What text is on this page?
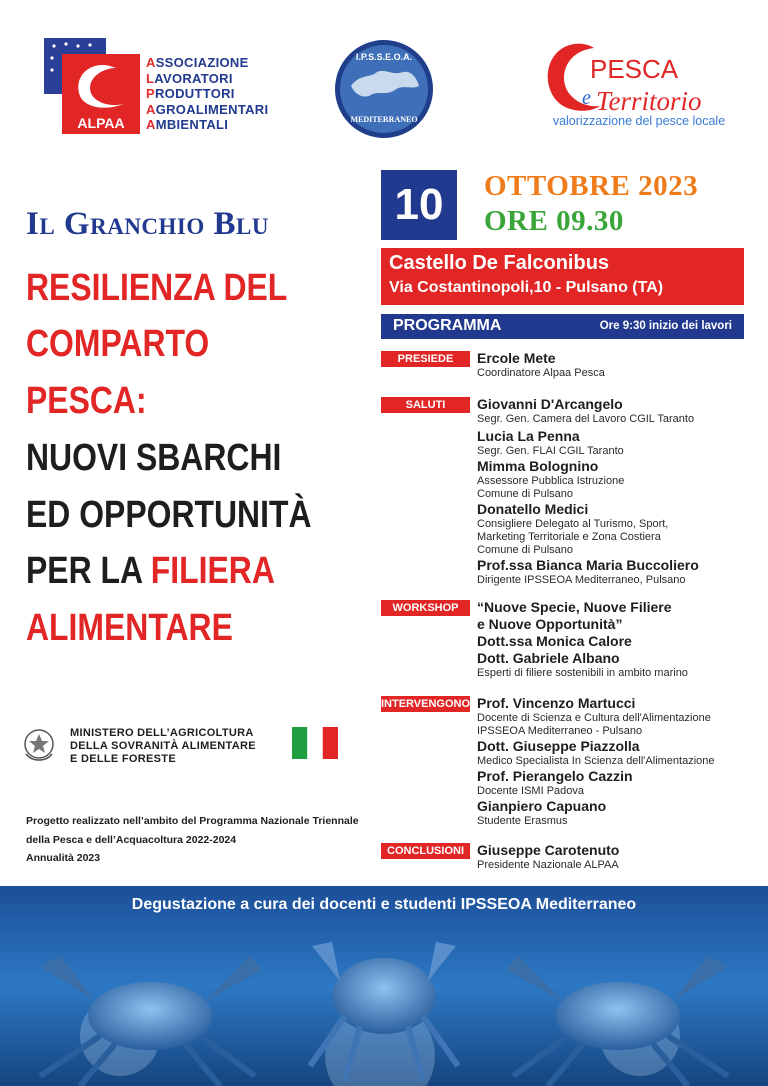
ALPAA
ASSOCIAZIONE
LAVORATORI
PRODUTTORI
AGROALIMENTARI
AMBIENTALI
I.P.S.S.E.O.A.
MEDITERRANEO
PESCA
Territorio
e
valorizzazione del pesce locale
Il Granchio Blu
RESILIENZA DEL
COMPARTO
PESCA:
NUOVI SBARCHI
ED OPPORTUNITÀ
PER LA FILIERA
ALIMENTARE
10	OTTOBRE 2023
ORE 09.30
Castello De Falconibus
Via Costantinopoli,10 - Pulsano (TA)
PROGRAMMA	Ore 9:30 inizio dei lavori
PRESIEDE	Ercole Mete
Coordinatore Alpaa Pesca
SALUTI	Giovanni D'Arcangelo
Segr. Gen. Camera del Lavoro CGIL Taranto
Lucia La Penna
Segr. Gen. FLAI CGIL Taranto
Mimma Bolognino
Assessore Pubblica Istruzione
Comune di Pulsano
Donatello Medici
Consigliere Delegato al Turismo, Sport,
Marketing Territoriale e Zona Costiera
Comune di Pulsano
Prof.ssa Bianca Maria Buccoliero
Dirigente IPSSEOA Mediterraneo, Pulsano
WORKSHOP	“Nuove Specie, Nuove Filiere
e Nuove Opportunità”
Dott.ssa Monica Calore
Dott. Gabriele Albano
Esperti di filiere sostenibili in ambito marino
INTERVENGONO Prof. Vincenzo Martucci
Docente di Scienza e Cultura dell'Alimentazione
IPSSEOA Mediterraneo - Pulsano
Dott. Giuseppe Piazzolla
Medico Specialista In Scienza dell'Alimentazione
Prof. Pierangelo Cazzin
Docente ISMI Padova
Gianpiero Capuano
Studente Erasmus
CONCLUSIONI Giuseppe Carotenuto
Presidente Nazionale ALPAA
MINISTERO DELL’AGRICOLTURA
DELLA SOVRANITÀ ALIMENTARE
E DELLE FORESTE
Progetto realizzato nell’ambito del Programma Nazionale Triennale
della Pesca e dell’Acquacoltura 2022-2024
Annualità 2023
Degustazione a cura dei docenti e studenti IPSSEOA Mediterraneo
